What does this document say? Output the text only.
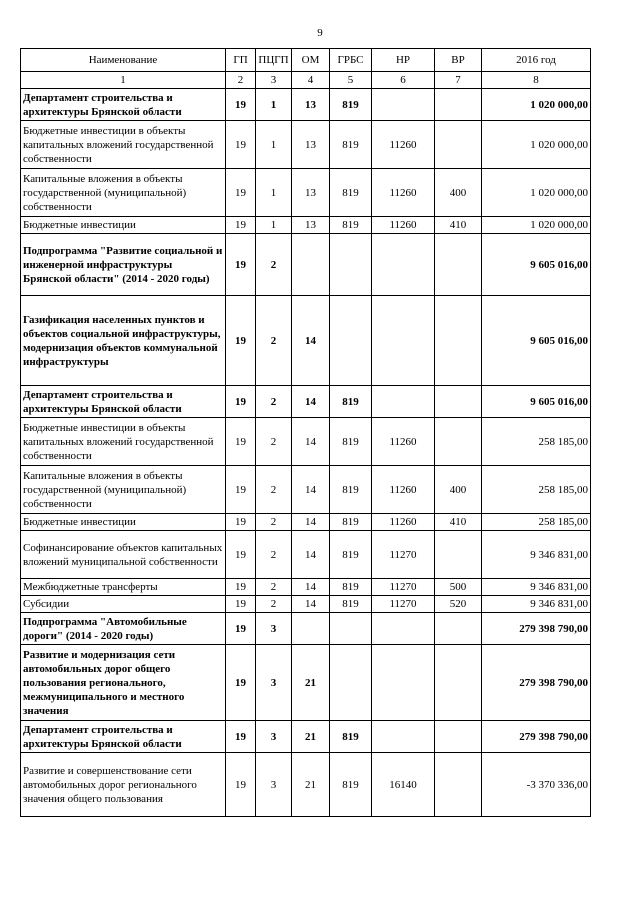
9
Наименование	ГП	ПЦГП	ОМ	ГРБС	НР	ВР	2016 год
1	2	3	4	5	6	7	8
Департамент строительства и архитектуры Брянской области	19	1	13	819			1 020 000,00
Бюджетные инвестиции в объекты капитальных вложений государственной собственности	19	1	13	819	11260		1 020 000,00
Капитальные вложения в объекты государственной (муниципальной) собственности	19	1	13	819	11260	400	1 020 000,00
Бюджетные инвестиции	19	1	13	819	11260	410	1 020 000,00
Подпрограмма "Развитие социальной и инженерной инфраструктуры Брянской области" (2014 - 2020 годы)	19	2					9 605 016,00
Газификация населенных пунктов и объектов социальной инфраструктуры, модернизация объектов коммунальной инфраструктуры	19	2	14				9 605 016,00
Департамент строительства и архитектуры Брянской области	19	2	14	819			9 605 016,00
Бюджетные инвестиции в объекты капитальных вложений государственной собственности	19	2	14	819	11260		258 185,00
Капитальные вложения в объекты государственной (муниципальной) собственности	19	2	14	819	11260	400	258 185,00
Бюджетные инвестиции	19	2	14	819	11260	410	258 185,00
Софинансирование объектов капитальных вложений муниципальной собственности	19	2	14	819	11270		9 346 831,00
Межбюджетные трансферты	19	2	14	819	11270	500	9 346 831,00
Субсидии	19	2	14	819	11270	520	9 346 831,00
Подпрограмма "Автомобильные дороги" (2014 - 2020 годы)	19	3					279 398 790,00
Развитие и модернизация сети автомобильных дорог общего пользования регионального, межмуниципального и местного значения	19	3	21				279 398 790,00
Департамент строительства и архитектуры Брянской области	19	3	21	819			279 398 790,00
Развитие и совершенствование сети автомобильных дорог регионального значения общего пользования	19	3	21	819	16140		-3 370 336,00
